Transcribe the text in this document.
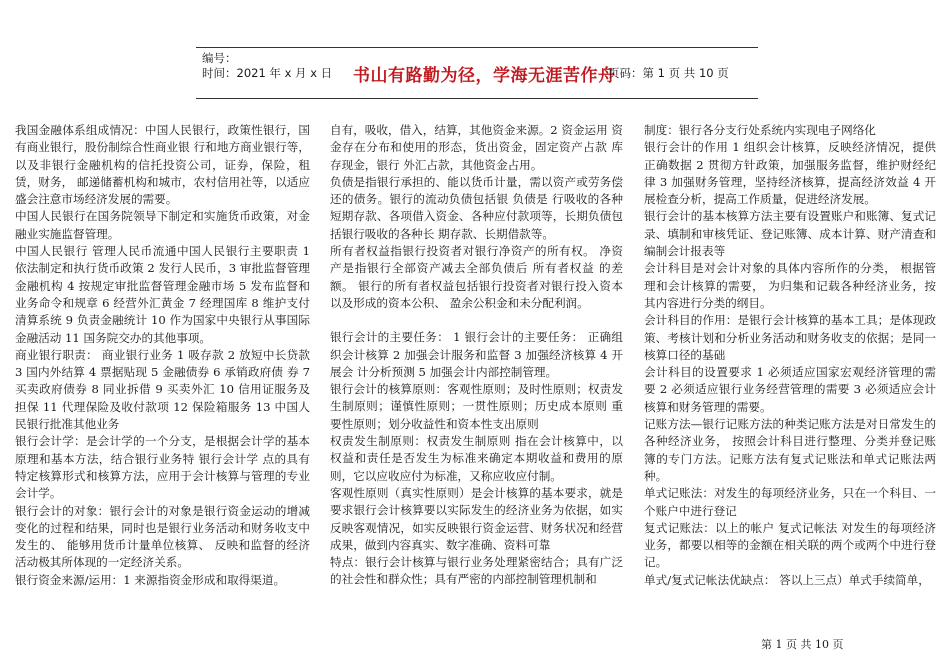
编号：
时间：2021 年 x 月 x 日 书山有路勤为径，学海无涯苦作舟
页码：第 1 页 共 10 页

我国金融体系组成情况：中国人民银行，政策性银行，国有商业银行，股份制综合性商业银 行和地方商业银行等，以及非银行金融机构的信托投资公司，证券，保险，租赁，财务， 邮递储蓄机构和城市，农村信用社等，以适应盛会注意市场经济发展的需要。

中国人民银行在国务院领导下制定和实施货币政策，对金融业实施监督管理。

中国人民银行 管理人民币流通中国人民银行主要职责 1 依法制定和执行货币政策 2 发行人民币，3 审批监督管理金融机构 4 按规定审批监督管理金融市场 5 发布监督和业务命令和规章 6 经营外汇黄金 7 经理国库 8 维护支付清算系统 9 负责金融统计 10 作为国家中央银行从事国际金融活动 11 国务院交办的其他事项。

商业银行职责： 商业银行业务 1 吸存款 2 放短中长贷款 3 国内外结算 4 票据贴现 5 金融债券 6 承销政府债 券 7 买卖政府债券 8 同业拆借 9 买卖外汇 10 信用证服务及担保 11 代理保险及收付款项 12 保险箱服务 13 中国人民银行批准其他业务

银行会计学：是会计学的一个分支，是根据会计学的基本原理和基本方法，结合银行业务特 银行会计学 点的具有特定核算形式和核算方法，应用于会计核算与管理的专业会计学。

银行会计的对象：银行会计的对象是银行资金运动的增减变化的过程和结果，同时也是银行业务活动和财务收支中发生的、 能够用货币计量单位核算、 反映和监督的经济活动极其所体现的一定经济关系。

银行资金来源/运用：1 来源指资金形成和取得渠道。

自有，吸收，借入，结算，其他资金来源。2 资金运用 资金存在分布和使用的形态，货出资金，固定资产占款 库存现金，银行 外汇占款，其他资金占用。

负债是指银行承担的、能以货币计量，需以资产或劳务偿还的债务。银行的流动负债包括银 负债是 行吸收的各种短期存款、各项借入资金、各种应付款项等，长期负债包括银行吸收的各种长 期存款、长期借款等。

所有者权益指银行投资者对银行净资产的所有权。 净资产是指银行全部资产减去全部负债后 所有者权益 的差额。 银行的所有者权益包括银行投资者对银行投入资本以及形成的资本公积、 盈余公积金和未分配利润。

银行会计的主要任务： 1 银行会计的主要任务： 正确组织会计核算 2 加强会计服务和监督 3 加强经济核算 4 开展会 计分析预测 5 加强会计内部控制管理。

银行会计的核算原则：客观性原则；及时性原则；权责发生制原则；谨慎性原则；一贯性原则；历史成本原则 重要性原则；划分收益性和资本性支出原则

权责发生制原则：权责发生制原则 指在会计核算中，以权益和责任是否发生为标准来确定本期收益和费用的原则，它以应收应付为标准，又称应收应付制。

客观性原则（真实性原则）是会计核算的基本要求，就是要求银行会计核算要以实际发生的经济业务为依据，如实反映客观情况，如实反映银行资金运营、财务状况和经营成果，做到内容真实、数字准确、资料可靠

特点：银行会计核算与银行业务处理紧密结合；具有广泛的社会性和群众性；具有严密的内部控制管理机制和

制度：银行各分支行处系统内实现电子网络化

银行会计的作用 1 组织会计核算，反映经济情况，提供正确数据 2 贯彻方针政策，加强服务监督，维护财经纪律 3 加强财务管理，坚持经济核算，提高经济效益 4 开展检查分析，提高工作质量，促进经济发展。

银行会计的基本核算方法主要有设置账户和账簿、复式记录、填制和审核凭证、登记账簿、成本计算、财产清查和编制会计报表等

会计科目是对会计对象的具体内容所作的分类， 根据管理和会计核算的需要， 为归集和记载各种经济业务，按其内容进行分类的纲目。

会计科目的作用：是银行会计核算的基本工具；是体现政策、考核计划和分析业务活动和财务收支的依据；是同一核算口径的基础

会计科目的设置要求 1 必须适应国家宏观经济管理的需要 2 必须适应银行业务经营管理的需要 3 必须适应会计核算和财务管理的需要。

记账方法—银行记账方法的种类记账方法是对日常发生的各种经济业务， 按照会计科目进行整理、分类并登记账簿的专门方法。记账方法有复式记账法和单式记账法两种。

单式记账法：对发生的每项经济业务，只在一个科目、一个账户中进行登记

复式记账法：以上的帐户 复式记帐法 对发生的每项经济业务，都要以相等的金额在相关联的两个或两个中进行登记。

单式/复式记帐法优缺点： 答以上三点）单式手续简单，

第 1 页 共 10 页
